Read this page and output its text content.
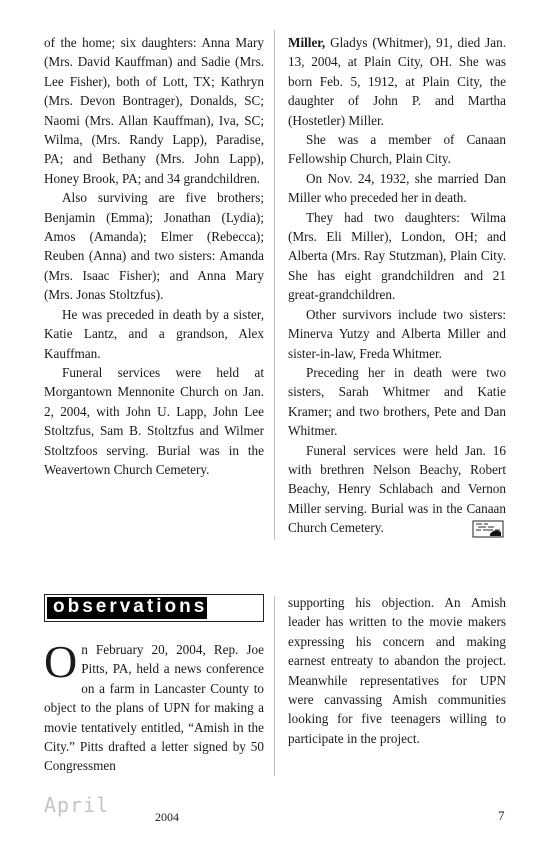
of the home; six daughters: Anna Mary (Mrs. David Kauffman) and Sadie (Mrs. Lee Fisher), both of Lott, TX; Kathryn (Mrs. Devon Bontrager), Donalds, SC; Naomi (Mrs. Allan Kauffman), Iva, SC; Wilma, (Mrs. Randy Lapp), Paradise, PA; and Bethany (Mrs. John Lapp), Honey Brook, PA; and 34 grandchildren.

Also surviving are five brothers; Benjamin (Emma); Jonathan (Lydia); Amos (Amanda); Elmer (Rebecca); Reuben (Anna) and two sisters: Amanda (Mrs. Isaac Fisher); and Anna Mary (Mrs. Jonas Stoltzfus).

He was preceded in death by a sister, Katie Lantz, and a grandson, Alex Kauffman.

Funeral services were held at Morgantown Mennonite Church on Jan. 2, 2004, with John U. Lapp, John Lee Stoltzfus, Sam B. Stoltzfus and Wilmer Stoltzfoos serving. Burial was in the Weavertown Church Cemetery.

Miller, Gladys (Whitmer), 91, died Jan. 13, 2004, at Plain City, OH. She was born Feb. 5, 1912, at Plain City, the daughter of John P. and Martha (Hostetler) Miller.

She was a member of Canaan Fellowship Church, Plain City.

On Nov. 24, 1932, she married Dan Miller who preceded her in death.

They had two daughters: Wilma (Mrs. Eli Miller), London, OH; and Alberta (Mrs. Ray Stutzman), Plain City. She has eight grandchildren and 21 great-grandchildren.

Other survivors include two sisters: Minerva Yutzy and Alberta Miller and sister-in-law, Freda Whitmer.

Preceding her in death were two sisters, Sarah Whitmer and Katie Kramer; and two brothers, Pete and Dan Whitmer.

Funeral services were held Jan. 16 with brethren Nelson Beachy, Robert Beachy, Henry Schlabach and Vernon Miller serving. Burial was in the Canaan Church Cemetery.

observations

On February 20, 2004, Rep. Joe Pitts, PA, held a news conference on a farm in Lancaster County to object to the plans of UPN for making a movie tentatively entitled, “Amish in the City.” Pitts drafted a letter signed by 50 Congressmen

supporting his objection. An Amish leader has written to the movie makers expressing his concern and making earnest entreaty to abandon the project. Meanwhile representatives for UPN were canvassing Amish communities looking for five teenagers willing to participate in the project.

April	2004	7
